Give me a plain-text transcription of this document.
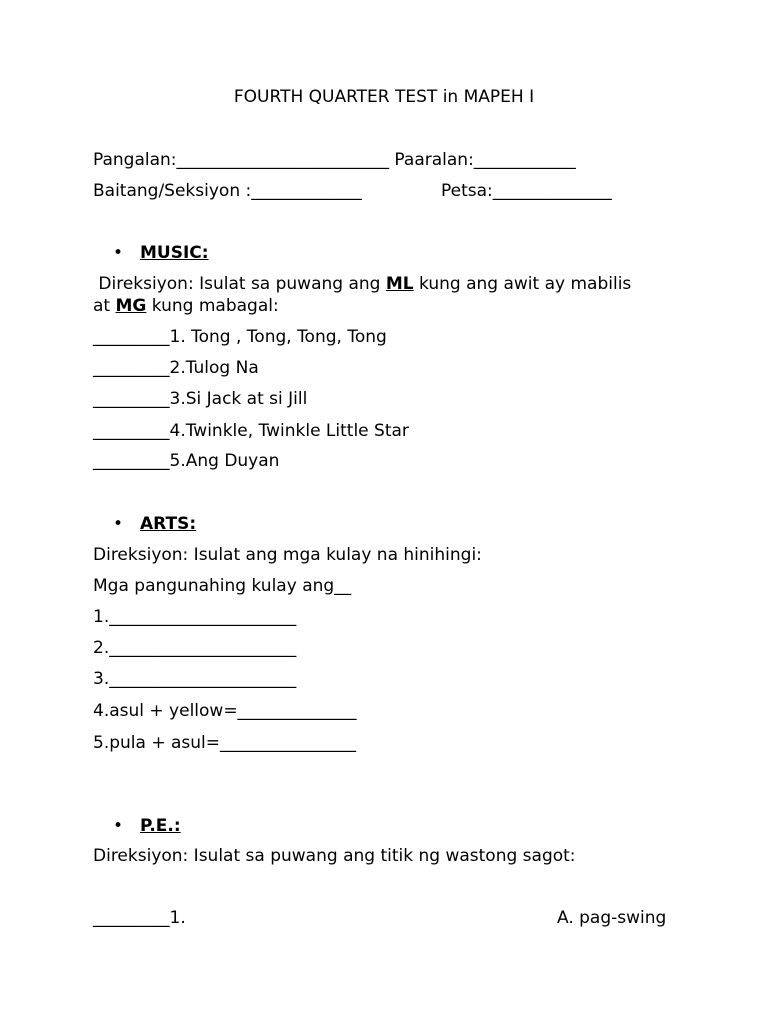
FOURTH QUARTER TEST in MAPEH I
Pangalan:_________________________ Paaralan:____________
Baitang/Seksiyon :_____________	Petsa:______________
• MUSIC:
Direksiyon: Isulat sa puwang ang ML kung ang awit ay mabilis
at MG kung mabagal:
_________1. Tong , Tong, Tong, Tong
_________2.Tulog Na
_________3.Si Jack at si Jill
_________4.Twinkle, Twinkle Little Star
_________5.Ang Duyan
• ARTS:
Direksiyon: Isulat ang mga kulay na hinihingi:
Mga pangunahing kulay ang__
1.______________________
2.______________________
3.______________________
4.asul + yellow=______________
5.pula + asul=________________
• P.E.:
Direksiyon: Isulat sa puwang ang titik ng wastong sagot:
_________1.	A. pag-swing
